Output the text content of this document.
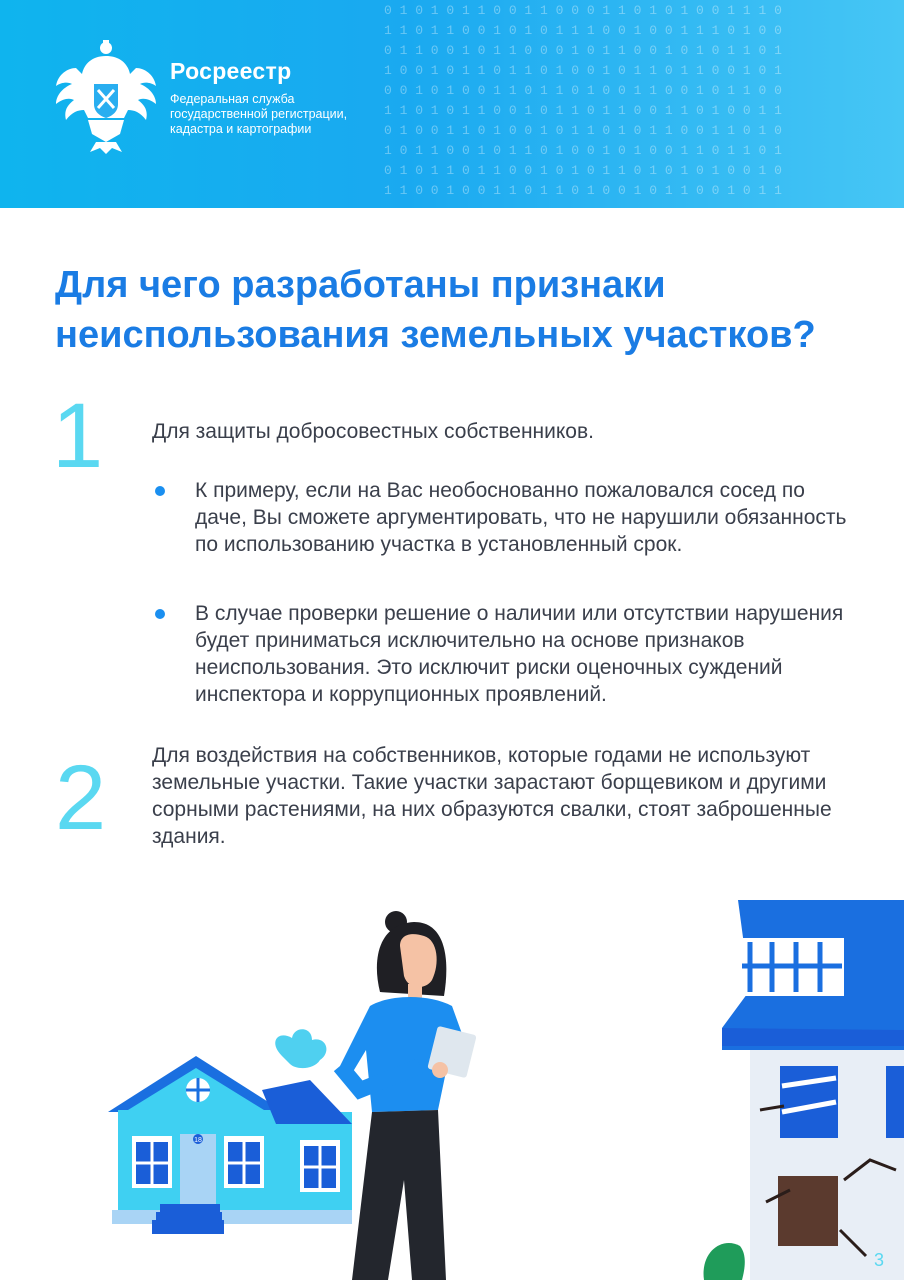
0 1 0 1 0 1 1 0 0 1 1 0 0 0 1 1 0 1 0 1 0 0 1 1 1 0
1 1 0 1 1 0 0 1 0 1 0 1 1 1 0 0 1 0 0 1 1 1 0 1 0 0
0 1 1 0 0 1 0 1 1 0 0 0 1 0 1 1 0 0 1 0 1 0 1 1 0 1
1 0 0 1 0 1 1 0 1 1 0 1 0 0 1 0 1 1 0 1 1 0 0 1 0 1
0 0 1 0 1 0 0 1 1 0 1 1 0 1 0 0 1 1 0 0 1 0 1 1 0 0
1 1 0 1 0 1 1 0 0 1 0 1 1 0 1 1 0 0 1 1 0 1 0 0 1 1
0 1 0 0 1 1 0 1 0 0 1 0 1 1 0 1 0 1 1 0 0 1 1 0 1 0
1 0 1 1 0 0 1 0 1 1 0 1 0 0 1 0 1 0 0 1 1 0 1 1 0 1
0 1 0 1 1 0 1 1 0 0 1 0 1 0 1 1 0 1 0 1 0 1 0 0 1 0
1 1 0 0 1 0 0 1 1 0 1 1 0 1 0 0 1 0 1 1 0 0 1 0 1 1
Росреестр
Федеральная служба
государственной регистрации,
кадастра и картографии
Для чего разработаны признаки неиспользования земельных участков?
1 Для защиты добросовестных собственников.

К примеру, если на Вас необоснованно пожаловался сосед по даче, Вы сможете аргументировать, что не нарушили обязанность по использованию участка в установленный срок.
В случае проверки решение о наличии или отсутствии нарушения будет приниматься исключительно на основе признаков неиспользования. Это исключит риски оценочных суждений инспектора и коррупционных проявлений.
2 Для воздействия на собственников, которые годами не используют земельные участки. Такие участки зарастают борщевиком и другими сорными растениями, на них образуются свалки, стоят заброшенные здания.

18
3
